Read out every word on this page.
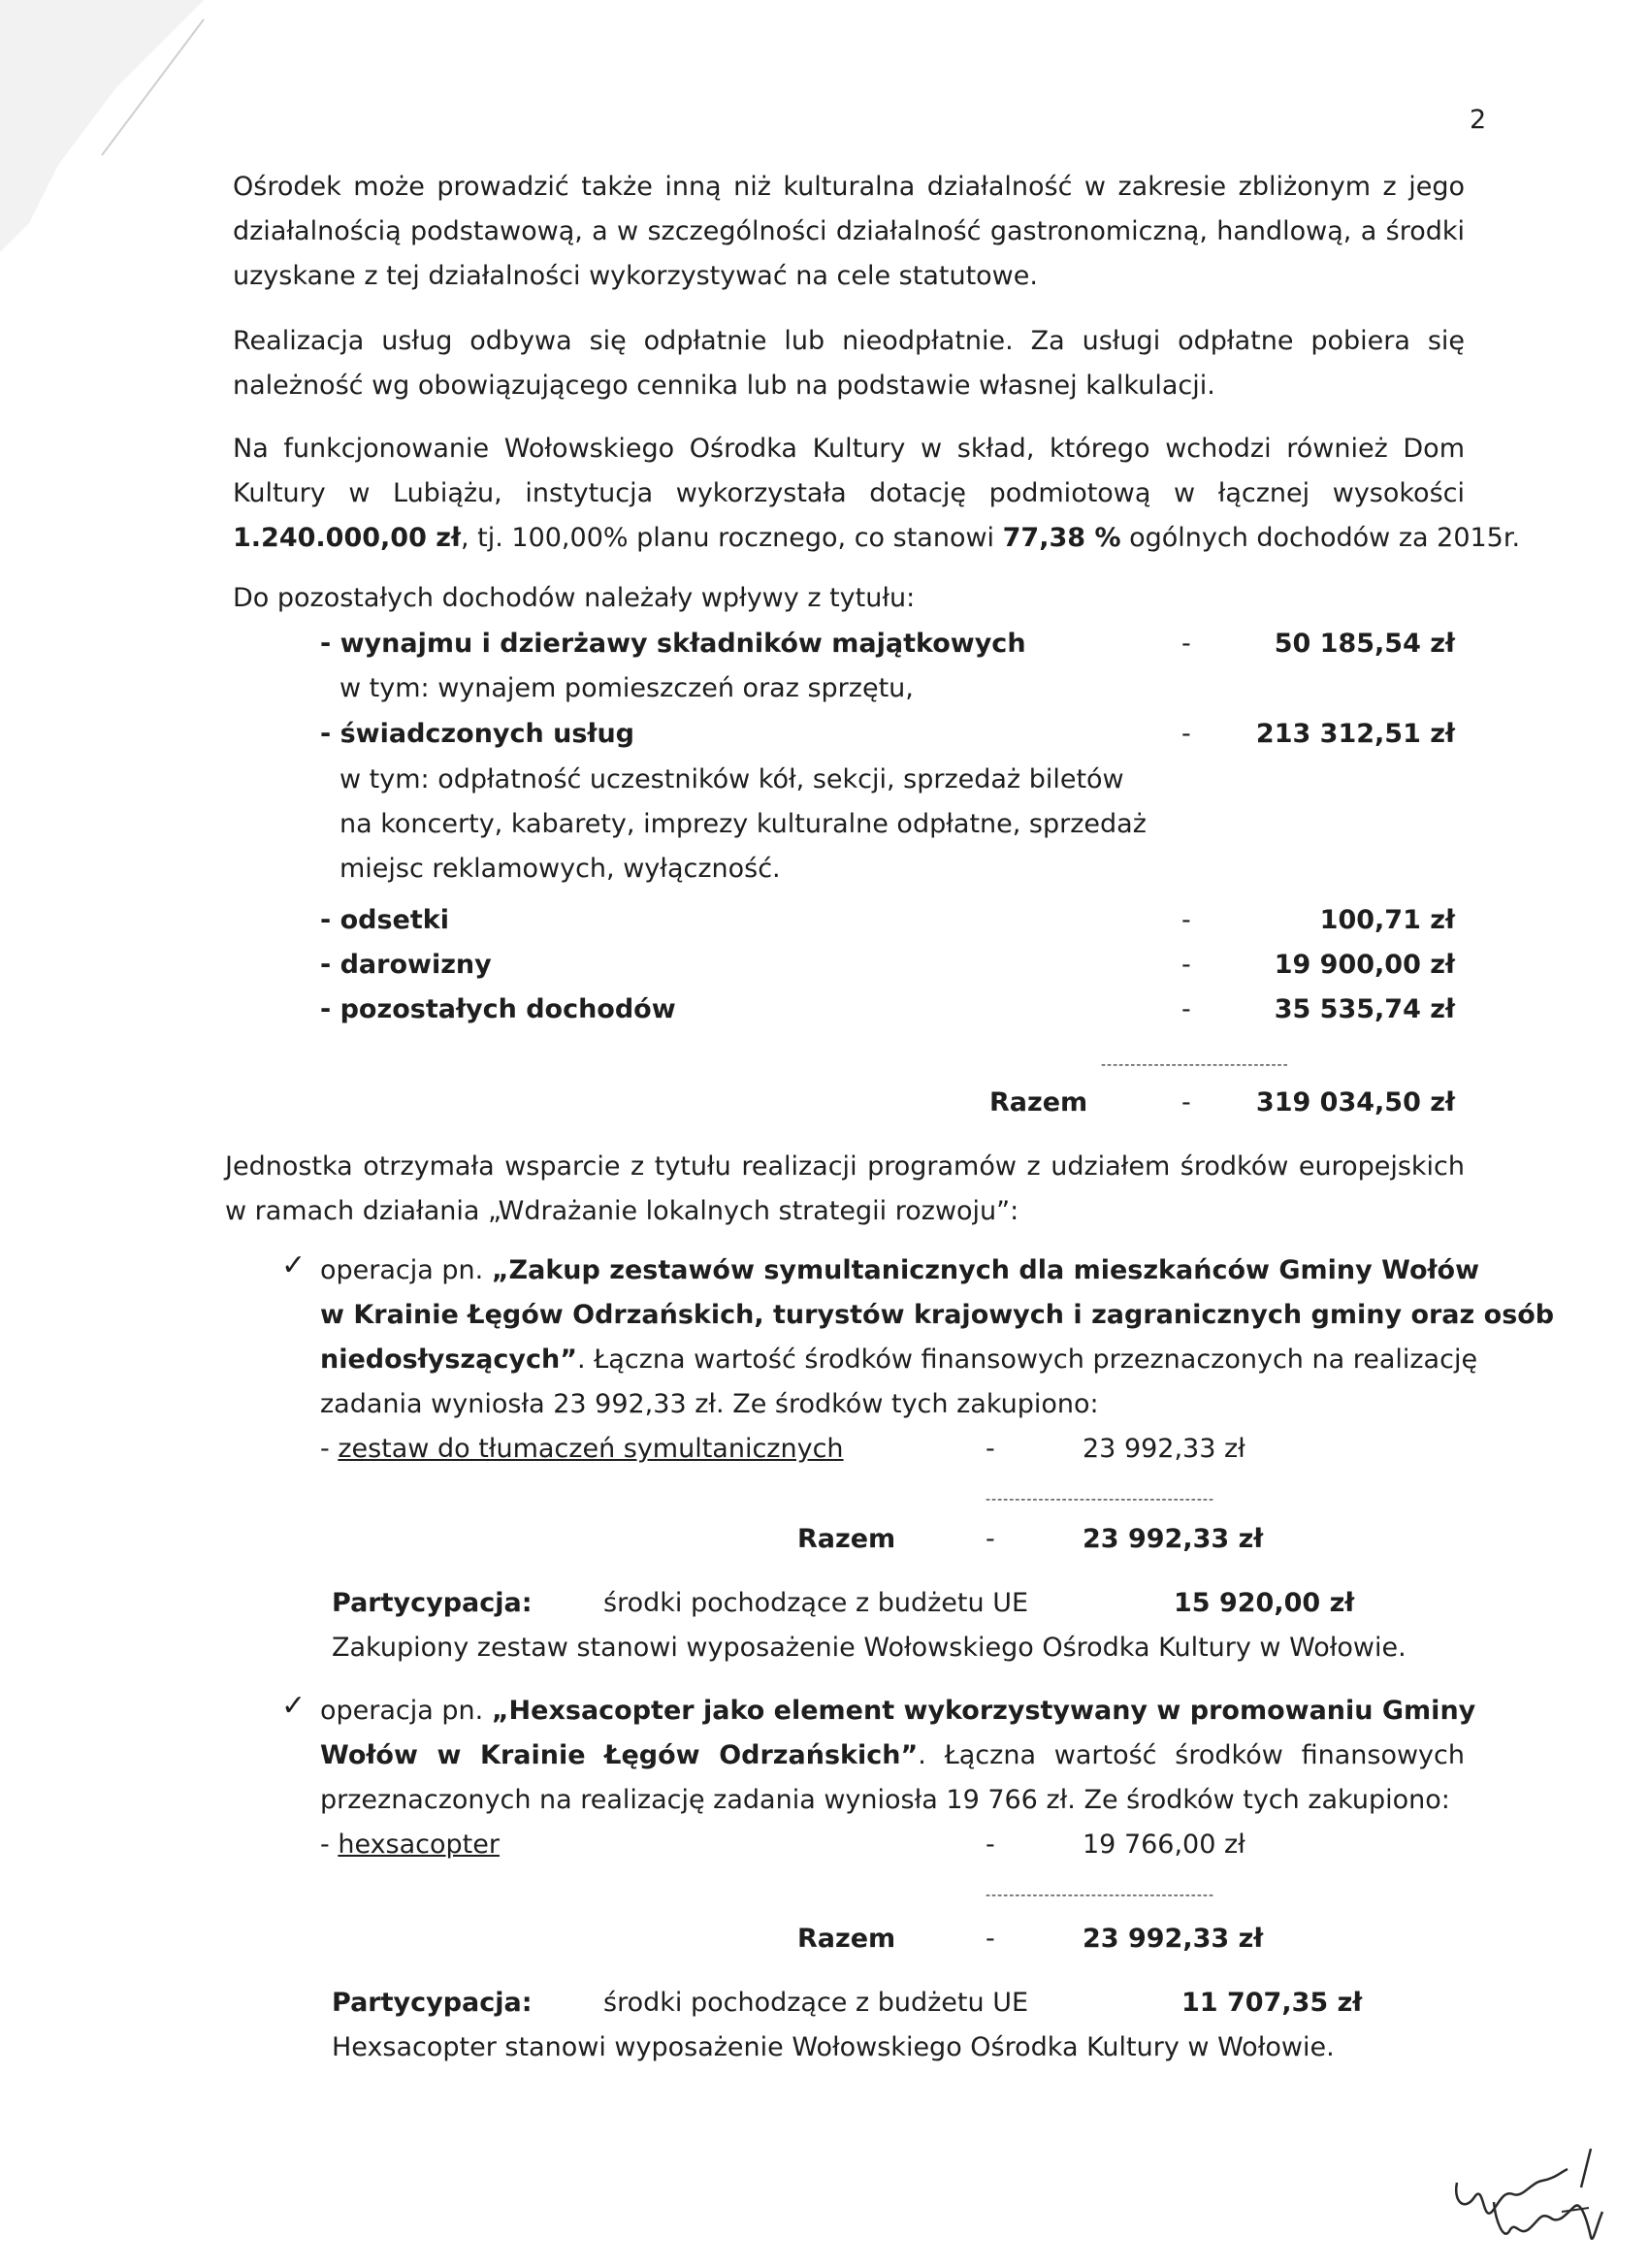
2
Ośrodek może prowadzić także inną niż kulturalna działalność w zakresie zbliżonym z jego
działalnością podstawową, a w szczególności działalność gastronomiczną, handlową, a środki
uzyskane z tej działalności wykorzystywać na cele statutowe.
Realizacja usług odbywa się odpłatnie lub nieodpłatnie. Za usługi odpłatne pobiera się
należność wg obowiązującego cennika lub na podstawie własnej kalkulacji.
Na funkcjonowanie Wołowskiego Ośrodka Kultury w skład, którego wchodzi również Dom
Kultury w Lubiążu, instytucja wykorzystała dotację podmiotową w łącznej wysokości
1.240.000,00 zł, tj. 100,00% planu rocznego, co stanowi 77,38 % ogólnych dochodów za 2015r.
Do pozostałych dochodów należały wpływy z tytułu:
- wynajmu i dzierżawy składników majątkowych	-	50 185,54 zł
w tym: wynajem pomieszczeń oraz sprzętu,
- świadczonych usług	- 213 312,51 zł
w tym: odpłatność uczestników kół, sekcji, sprzedaż biletów
na koncerty, kabarety, imprezy kulturalne odpłatne, sprzedaż
miejsc reklamowych, wyłączność.
- odsetki	-	100,71 zł
- darowizny	-	19 900,00 zł
- pozostałych dochodów	-	35 535,74 zł
--------------------------------
Razem	- 319 034,50 zł
Jednostka otrzymała wsparcie z tytułu realizacji programów z udziałem środków europejskich
w ramach działania „Wdrażanie lokalnych strategii rozwoju”:
✓ operacja pn. „Zakup zestawów symultanicznych dla mieszkańców Gminy Wołów
w Krainie Łęgów Odrzańskich, turystów krajowych i zagranicznych gminy oraz osób
niedosłyszących”. Łączna wartość środków finansowych przeznaczonych na realizację
zadania wyniosła 23 992,33 zł. Ze środków tych zakupiono:
- zestaw do tłumaczeń symultanicznych	-	23 992,33 zł
---------------------------------------
Razem	-	23 992,33 zł
Partycypacja:	środki pochodzące z budżetu UE	15 920,00 zł
Zakupiony zestaw stanowi wyposażenie Wołowskiego Ośrodka Kultury w Wołowie.
✓ operacja pn. „Hexsacopter jako element wykorzystywany w promowaniu Gminy
Wołów w Krainie Łęgów Odrzańskich”. Łączna wartość środków finansowych
przeznaczonych na realizację zadania wyniosła 19 766 zł. Ze środków tych zakupiono:
- hexsacopter	-	19 766,00 zł
---------------------------------------
Razem	-	23 992,33 zł
Partycypacja:	środki pochodzące z budżetu UE	11 707,35 zł
Hexsacopter stanowi wyposażenie Wołowskiego Ośrodka Kultury w Wołowie.
